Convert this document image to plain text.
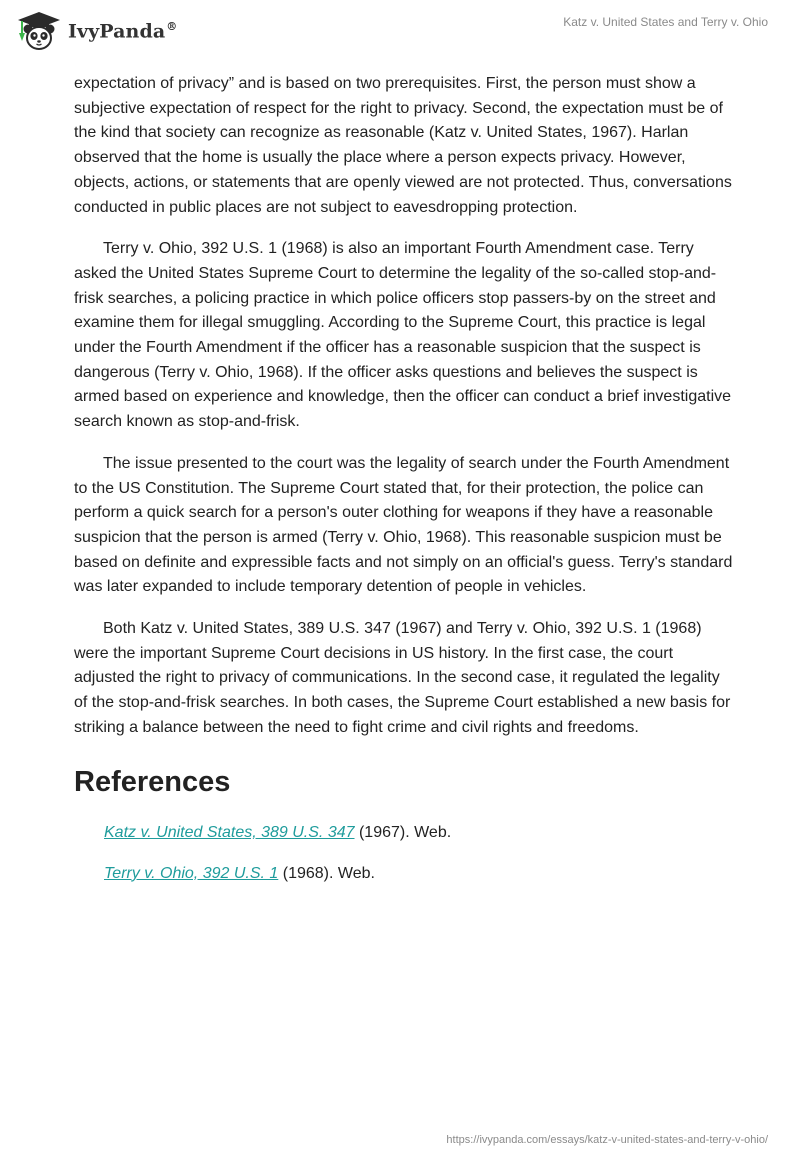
IvyPanda®	Katz v. United States and Terry v. Ohio

expectation of privacy” and is based on two prerequisites. First, the person must show a subjective expectation of respect for the right to privacy. Second, the expectation must be of the kind that society can recognize as reasonable (Katz v. United States, 1967). Harlan observed that the home is usually the place where a person expects privacy. However, objects, actions, or statements that are openly viewed are not protected. Thus, conversations conducted in public places are not subject to eavesdropping protection.

Terry v. Ohio, 392 U.S. 1 (1968) is also an important Fourth Amendment case. Terry asked the United States Supreme Court to determine the legality of the so-called stop-and-frisk searches, a policing practice in which police officers stop passers-by on the street and examine them for illegal smuggling. According to the Supreme Court, this practice is legal under the Fourth Amendment if the officer has a reasonable suspicion that the suspect is dangerous (Terry v. Ohio, 1968). If the officer asks questions and believes the suspect is armed based on experience and knowledge, then the officer can conduct a brief investigative search known as stop-and-frisk.

The issue presented to the court was the legality of search under the Fourth Amendment to the US Constitution. The Supreme Court stated that, for their protection, the police can perform a quick search for a person's outer clothing for weapons if they have a reasonable suspicion that the person is armed (Terry v. Ohio, 1968). This reasonable suspicion must be based on definite and expressible facts and not simply on an official's guess. Terry's standard was later expanded to include temporary detention of people in vehicles.

Both Katz v. United States, 389 U.S. 347 (1967) and Terry v. Ohio, 392 U.S. 1 (1968) were the important Supreme Court decisions in US history. In the first case, the court adjusted the right to privacy of communications. In the second case, it regulated the legality of the stop-and-frisk searches. In both cases, the Supreme Court established a new basis for striking a balance between the need to fight crime and civil rights and freedoms.

References

Katz v. United States, 389 U.S. 347 (1967). Web.

Terry v. Ohio, 392 U.S. 1 (1968). Web.

https://ivypanda.com/essays/katz-v-united-states-and-terry-v-ohio/
